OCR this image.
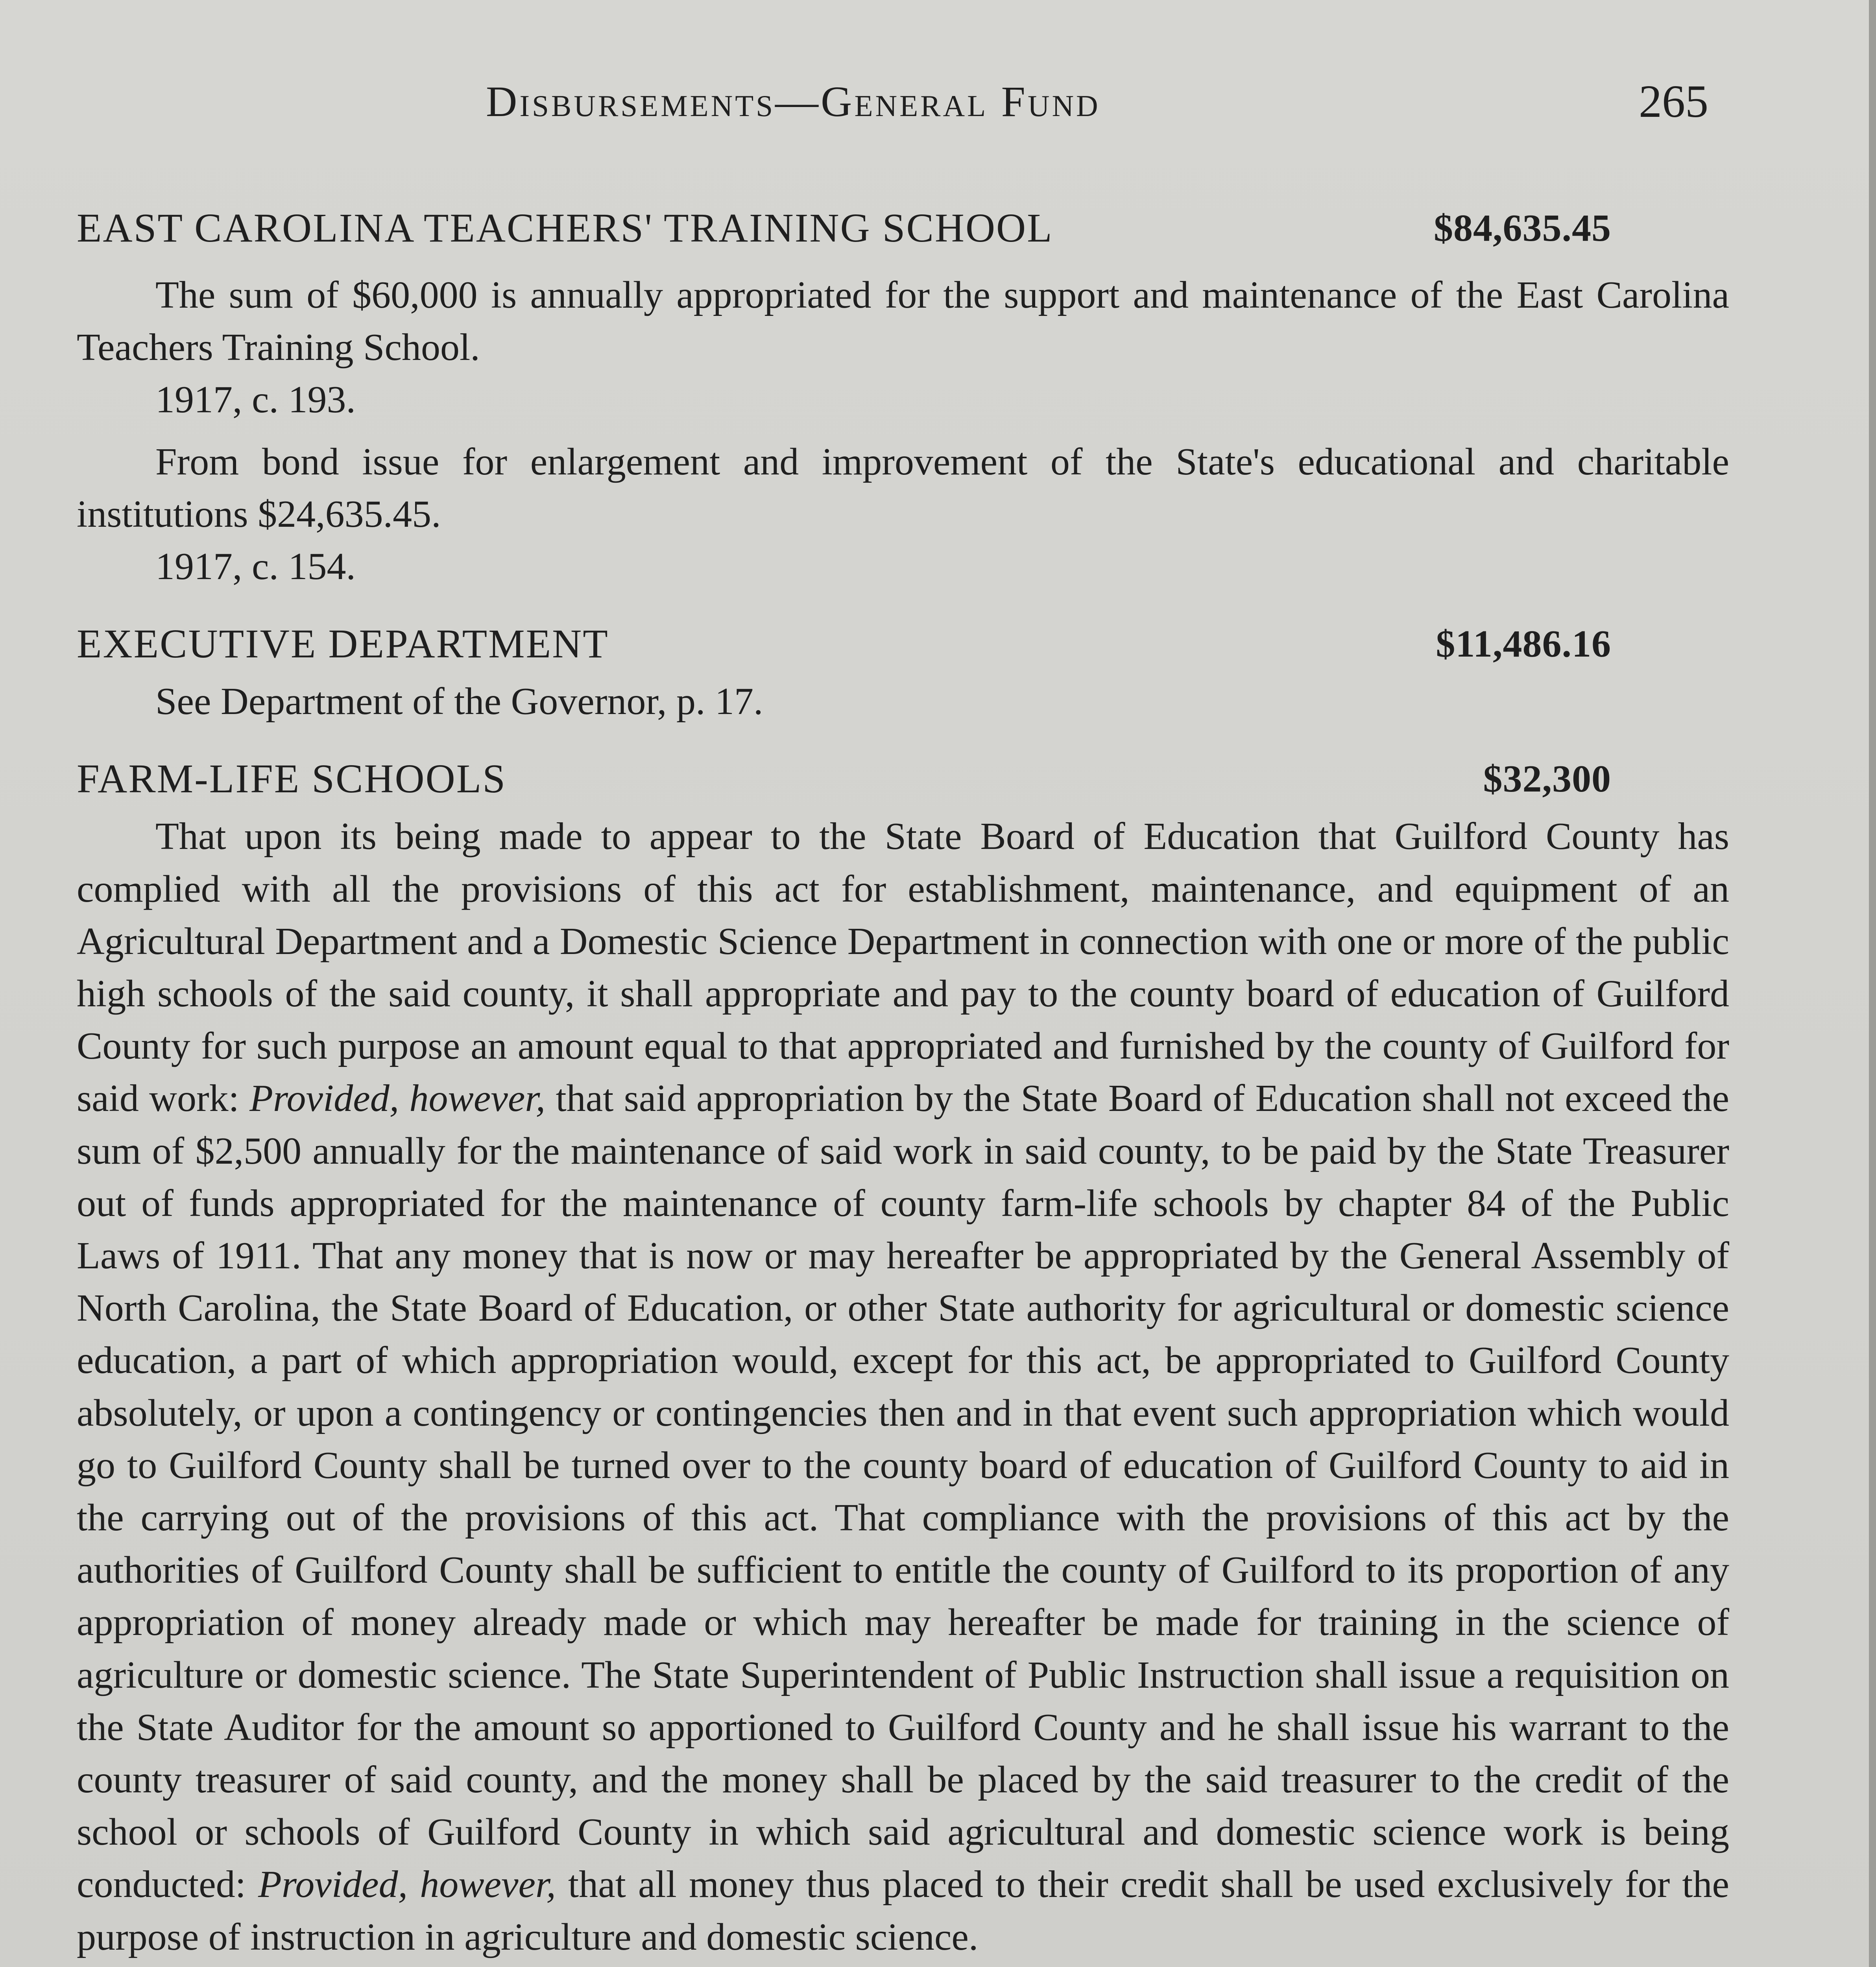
Disbursements—General Fund	265
EAST CAROLINA TEACHERS' TRAINING SCHOOL	$84,635.45

The sum of $60,000 is annually appropriated for the support and maintenance of the East Carolina Teachers Training School.

1917, c. 193.

From bond issue for enlargement and improvement of the State's educational and charitable institutions $24,635.45.

1917, c. 154.
EXECUTIVE DEPARTMENT	$11,486.16
See Department of the Governor, p. 17.
FARM-LIFE SCHOOLS	$32,300

That upon its being made to appear to the State Board of Education that Guilford County has complied with all the provisions of this act for establishment, maintenance, and equipment of an Agricultural Department and a Domestic Science Department in connection with one or more of the public high schools of the said county, it shall appropriate and pay to the county board of education of Guilford County for such purpose an amount equal to that appropriated and furnished by the county of Guilford for said work: Provided, however, that said appropriation by the State Board of Education shall not exceed the sum of $2,500 annually for the maintenance of said work in said county, to be paid by the State Treasurer out of funds appropriated for the maintenance of county farm-life schools by chapter 84 of the Public Laws of 1911. That any money that is now or may hereafter be appropriated by the General Assembly of North Carolina, the State Board of Education, or other State authority for agricultural or domestic science education, a part of which appropriation would, except for this act, be appropriated to Guilford County absolutely, or upon a contingency or contingencies then and in that event such appropriation which would go to Guilford County shall be turned over to the county board of education of Guilford County to aid in the carrying out of the provisions of this act. That compliance with the provisions of this act by the authorities of Guilford County shall be sufficient to entitle the county of Guilford to its proportion of any appropriation of money already made or which may hereafter be made for training in the science of agriculture or domestic science. The State Superintendent of Public Instruction shall issue a requisition on the State Auditor for the amount so apportioned to Guilford County and he shall issue his warrant to the county treasurer of said county, and the money shall be placed by the said treasurer to the credit of the school or schools of Guilford County in which said agricultural and domestic science work is being conducted: Provided, however, that all money thus placed to their credit shall be used exclusively for the purpose of instruction in agriculture and domestic science.
